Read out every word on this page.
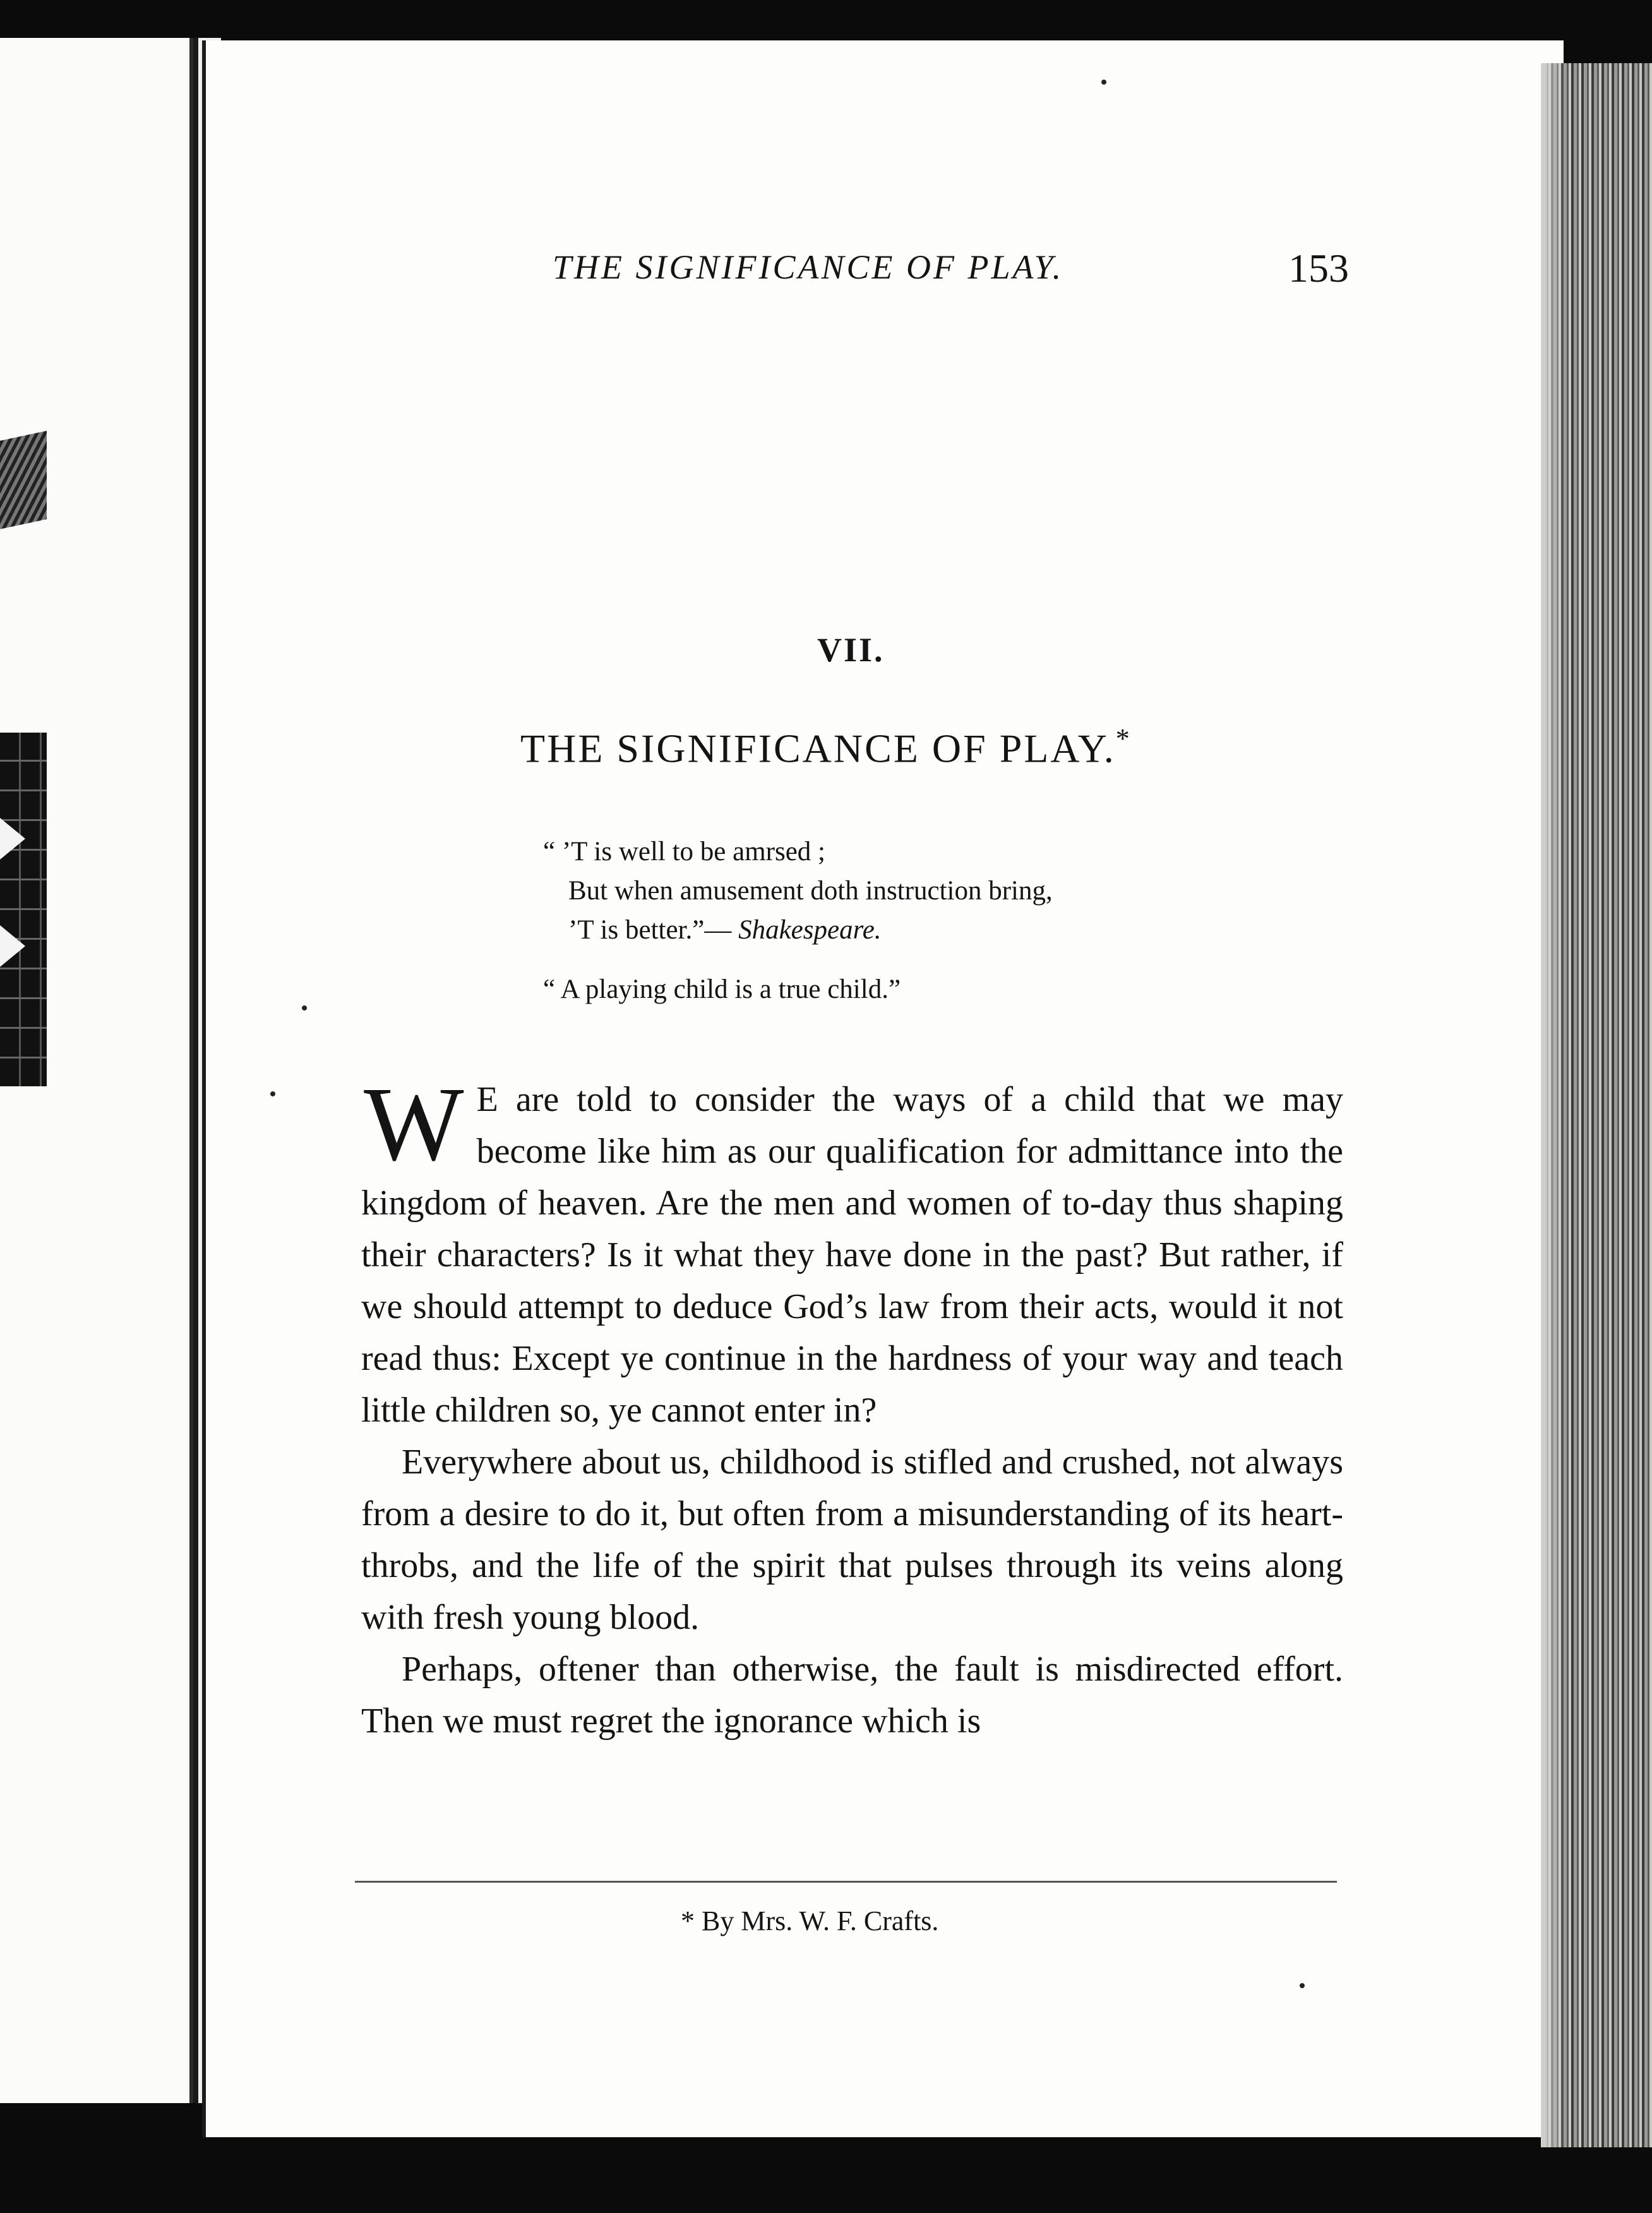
THE SIGNIFICANCE OF PLAY.	153
VII.
THE SIGNIFICANCE OF PLAY.*
“ ’T is well to be amrsed ;
But when amusement doth instruction bring,
’T is better.”— Shakespeare.
“ A playing child is a true child.”

W E are told to consider the ways of a child that we may become like him as our qualification for admittance into the kingdom of heaven. Are the men and women of to-day thus shaping their characters? Is it what they have done in the past? But rather, if we should attempt to deduce God’s law from their acts, would it not read thus: Except ye continue in the hardness of your way and teach little children so, ye cannot enter in?

Everywhere about us, childhood is stifled and crushed, not always from a desire to do it, but often from a misunderstanding of its heart-throbs, and the life of the spirit that pulses through its veins along with fresh young blood.

Perhaps, oftener than otherwise, the fault is misdirected effort. Then we must regret the ignorance which is

* By Mrs. W. F. Crafts.
